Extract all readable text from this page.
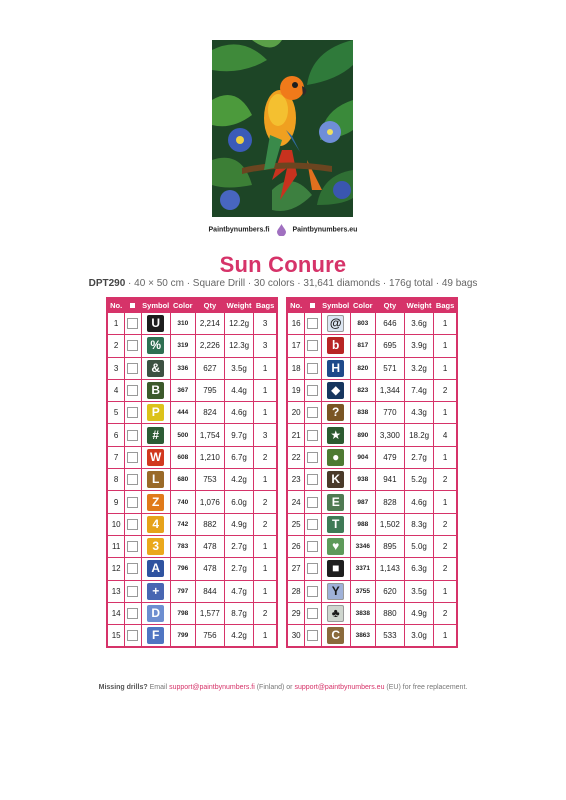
Paintbynumbers.fi	Paintbynumbers.eu
Sun Conure
DPT290 · 40 × 50 cm · Square Drill · 30 colors · 31,641 diamonds · 176g total · 49 bags
No.		Symbol	Color	Qty	Weight	Bags
1		U	310	2,214	12.2g	3
2		%	319	2,226	12.3g	3
3		&	336	627	3.5g	1
4		B	367	795	4.4g	1
5		P	444	824	4.6g	1
6		#	500	1,754	9.7g	3
7		W	608	1,210	6.7g	2
8		L	680	753	4.2g	1
9		Z	740	1,076	6.0g	2
10		4	742	882	4.9g	2
11		3	783	478	2.7g	1
12		A	796	478	2.7g	1
13		+	797	844	4.7g	1
14		D	798	1,577	8.7g	2
15		F	799	756	4.2g	1
No.		Symbol	Color	Qty	Weight	Bags
16		@	803	646	3.6g	1
17		b	817	695	3.9g	1
18		H	820	571	3.2g	1
19		◆	823	1,344	7.4g	2
20		?	838	770	4.3g	1
21		★	890	3,300	18.2g	4
22		●	904	479	2.7g	1
23		K	938	941	5.2g	2
24		E	987	828	4.6g	1
25		T	988	1,502	8.3g	2
26		♥	3346	895	5.0g	2
27		■	3371	1,143	6.3g	2
28		Y	3755	620	3.5g	1
29		♣	3838	880	4.9g	2
30		C	3863	533	3.0g	1
Missing drills? Email support@paintbynumbers.fi (Finland) or support@paintbynumbers.eu (EU) for free replacement.
